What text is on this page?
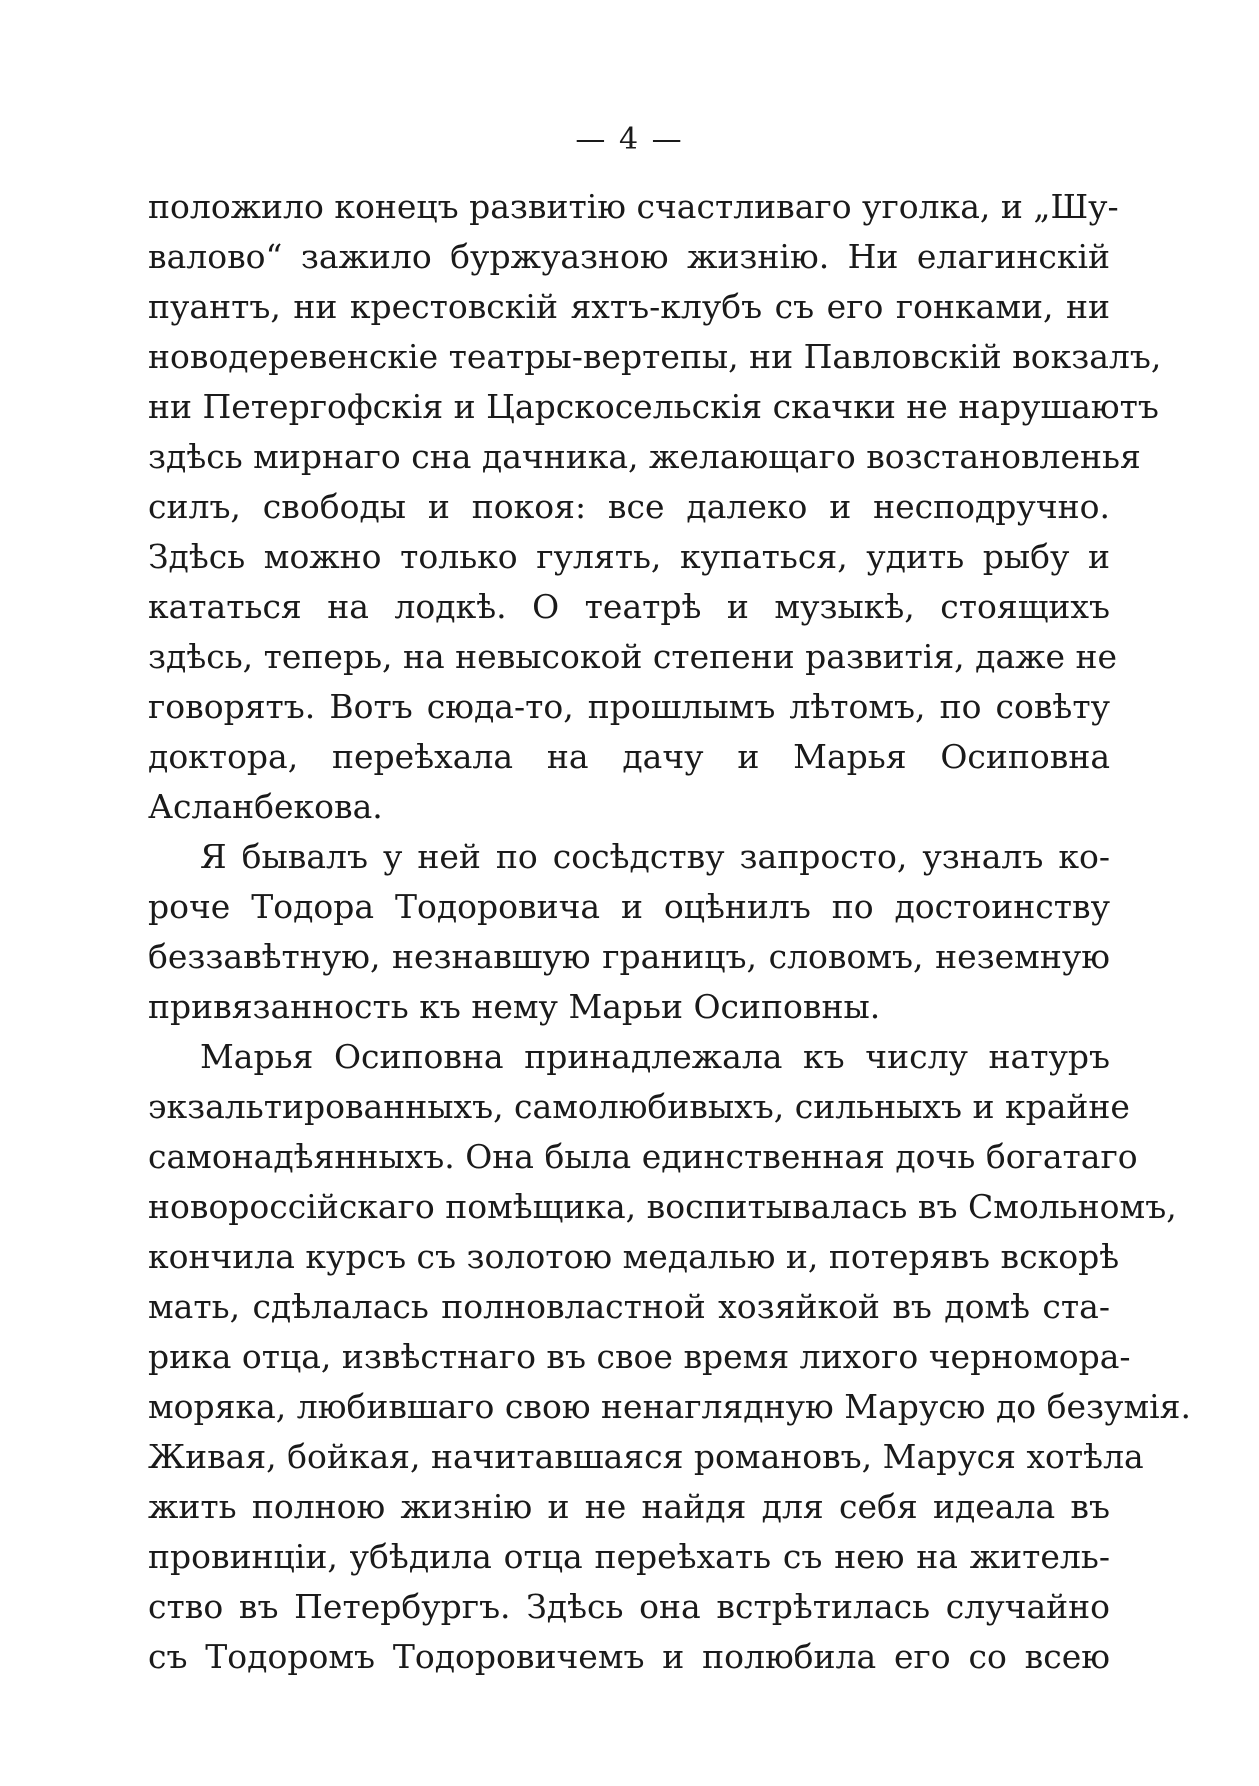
— 4 —
положило конецъ развитію счастливаго уголка, и „Шу-
валово“ зажило буржуазною жизнію. Ни елагинскій
пуантъ, ни крестовскій яхтъ-клубъ съ его гонками, ни
новодеревенскіе театры-вертепы, ни Павловскій вокзалъ,
ни Петергофскія и Царскосельскія скачки не нарушаютъ
здѣсь мирнаго сна дачника, желающаго возстановленья
силъ, свободы и покоя: все далеко и несподручно.
Здѣсь можно только гулять, купаться, удить рыбу и
кататься на лодкѣ. О театрѣ и музыкѣ, стоящихъ
здѣсь, теперь, на невысокой степени развитія, даже не
говорятъ. Вотъ сюда-то, прошлымъ лѣтомъ, по совѣту
доктора, переѣхала на дачу и Марья Осиповна
Асланбекова.
Я бывалъ у ней по сосѣдству запросто, узналъ ко-
роче Тодора Тодоровича и оцѣнилъ по достоинству
беззавѣтную, незнавшую границъ, словомъ, неземную
привязанность къ нему Марьи Осиповны.
Марья Осиповна принадлежала къ числу натуръ
экзальтированныхъ, самолюбивыхъ, сильныхъ и крайне
самонадѣянныхъ. Она была единственная дочь богатаго
новороссійскаго помѣщика, воспитывалась въ Смольномъ,
кончила курсъ съ золотою медалью и, потерявъ вскорѣ
мать, сдѣлалась полновластной хозяйкой въ домѣ ста-
рика отца, извѣстнаго въ свое время лихого черномора-
моряка, любившаго свою ненаглядную Марусю до безумія.
Живая, бойкая, начитавшаяся романовъ, Маруся хотѣла
жить полною жизнію и не найдя для себя идеала въ
провинціи, убѣдила отца переѣхать съ нею на житель-
ство въ Петербургъ. Здѣсь она встрѣтилась случайно
съ Тодоромъ Тодоровичемъ и полюбила его со всею
